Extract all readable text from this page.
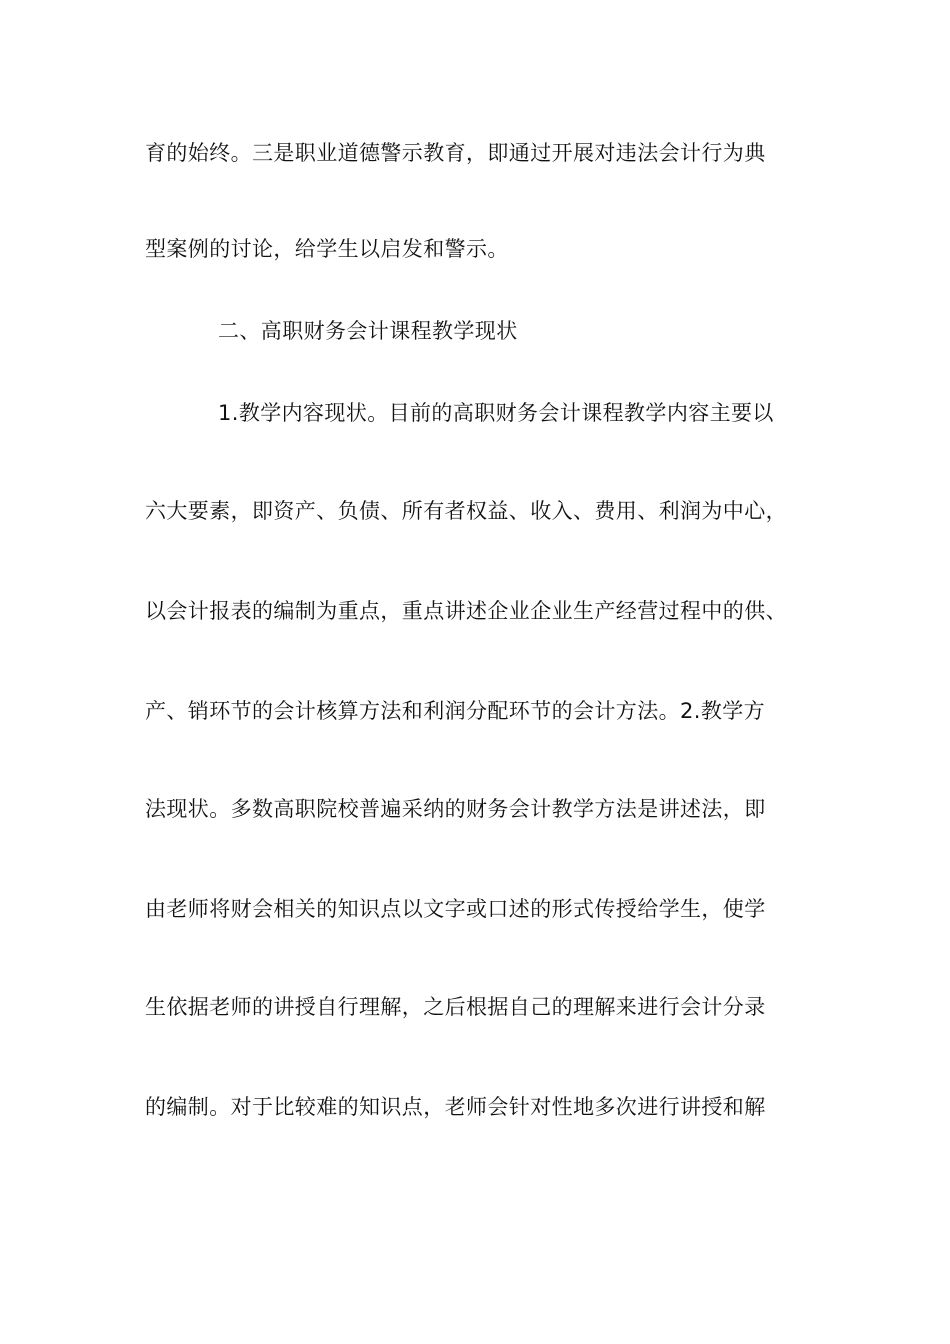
育的始终。三是职业道德警示教育，即通过开展对违法会计行为典
型案例的讨论，给学生以启发和警示。
二、高职财务会计课程教学现状
1.教学内容现状。目前的高职财务会计课程教学内容主要以
六大要素，即资产、负债、所有者权益、收入、费用、利润为中心，
以会计报表的编制为重点，重点讲述企业企业生产经营过程中的供、
产、销环节的会计核算方法和利润分配环节的会计方法。2.教学方
法现状。多数高职院校普遍采纳的财务会计教学方法是讲述法，即
由老师将财会相关的知识点以文字或口述的形式传授给学生，使学
生依据老师的讲授自行理解，之后根据自己的理解来进行会计分录
的编制。对于比较难的知识点，老师会针对性地多次进行讲授和解
